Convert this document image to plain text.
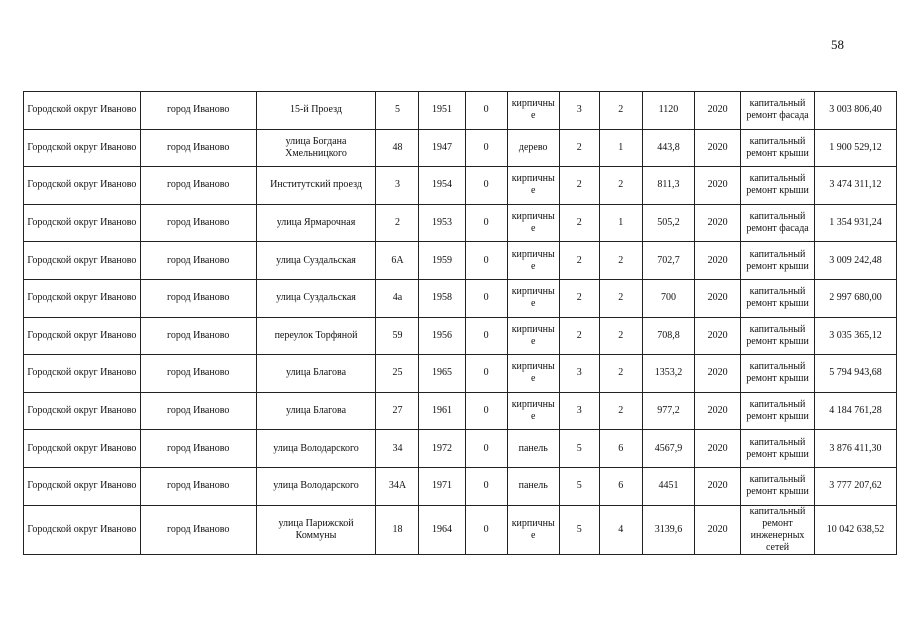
58
Городской округ Иваново	город Иваново	15-й Проезд	5	1951	0	кирпичные	3	2	1120	2020	капитальный ремонт фасада	3 003 806,40
Городской округ Иваново	город Иваново	улица Богдана Хмельницкого	48	1947	0	дерево	2	1	443,8	2020	капитальный ремонт крыши	1 900 529,12
Городской округ Иваново	город Иваново	Институтский проезд	3	1954	0	кирпичные	2	2	811,3	2020	капитальный ремонт крыши	3 474 311,12
Городской округ Иваново	город Иваново	улица Ярмарочная	2	1953	0	кирпичные	2	1	505,2	2020	капитальный ремонт фасада	1 354 931,24
Городской округ Иваново	город Иваново	улица Суздальская	6А	1959	0	кирпичные	2	2	702,7	2020	капитальный ремонт крыши	3 009 242,48
Городской округ Иваново	город Иваново	улица Суздальская	4а	1958	0	кирпичные	2	2	700	2020	капитальный ремонт крыши	2 997 680,00
Городской округ Иваново	город Иваново	переулок Торфяной	59	1956	0	кирпичные	2	2	708,8	2020	капитальный ремонт крыши	3 035 365,12
Городской округ Иваново	город Иваново	улица Благова	25	1965	0	кирпичные	3	2	1353,2	2020	капитальный ремонт крыши	5 794 943,68
Городской округ Иваново	город Иваново	улица Благова	27	1961	0	кирпичные	3	2	977,2	2020	капитальный ремонт крыши	4 184 761,28
Городской округ Иваново	город Иваново	улица Володарского	34	1972	0	панель	5	6	4567,9	2020	капитальный ремонт крыши	3 876 411,30
Городской округ Иваново	город Иваново	улица Володарского	34А	1971	0	панель	5	6	4451	2020	капитальный ремонт крыши	3 777 207,62
Городской округ Иваново	город Иваново	улица Парижской Коммуны	18	1964	0	кирпичные	5	4	3139,6	2020	капитальный ремонт инженерных сетей	10 042 638,52
